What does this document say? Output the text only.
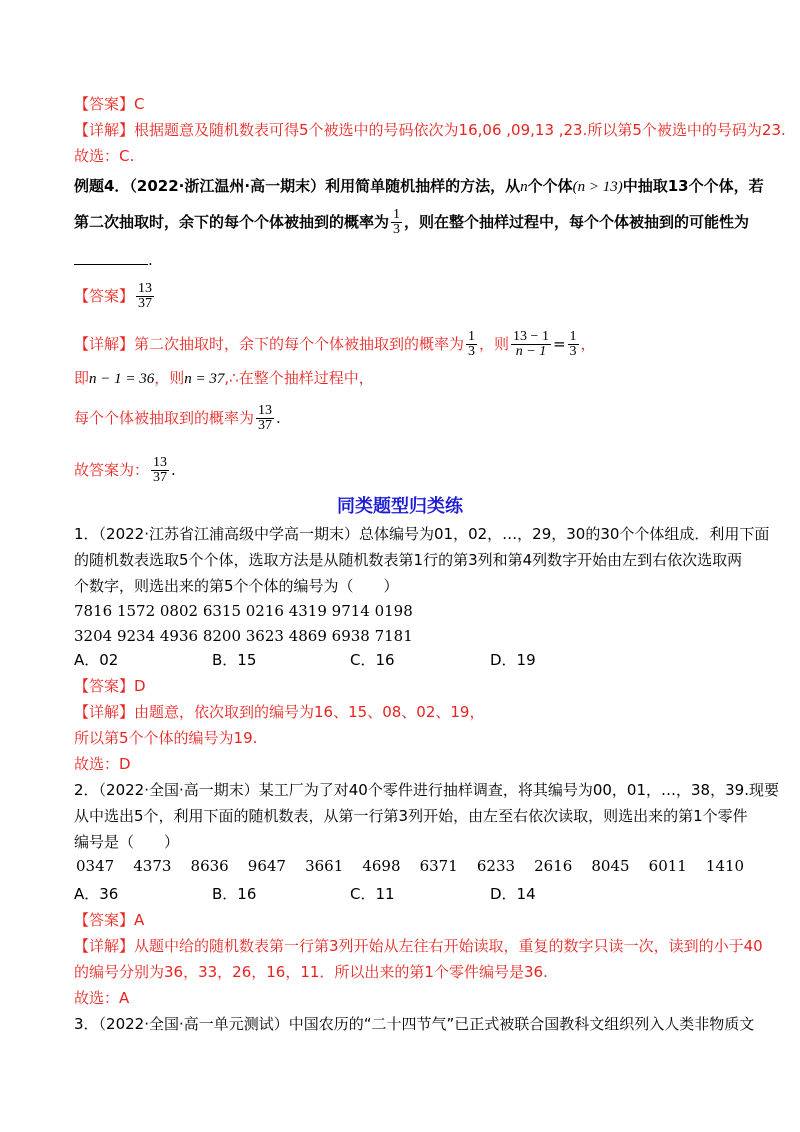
【答案】C
【详解】根据题意及随机数表可得5个被选中的号码依次为16,06 ,09,13 ,23.所以第5个被选中的号码为23.
故选：C.
例题4．（2022·浙江温州·高一期末）利用简单随机抽样的方法，从n个个体(n > 13)中抽取13个个体，若
第二次抽取时，余下的每个个体被抽到的概率为 $\frac{1}{3}$ ，则在整个抽样过程中，每个个体被抽到的可能性为
.
【答案】 $\frac{13}{37}$
【详解】第二次抽取时，余下的每个个体被抽取到的概率为 $\frac{1}{3}$ ，则 $\frac{13 - 1}{n - 1} = \frac{1}{3}$ ，
即n − 1 = 36，则n = 37,∴在整个抽样过程中，
每个个体被抽取到的概率为 $\frac{13}{37}$ .
故答案为： $\frac{13}{37}$ .
同类题型归类练
1．（2022·江苏省江浦高级中学高一期末）总体编号为01，02，…，29，30的30个个体组成．利用下面
的随机数表选取5个个体，选取方法是从随机数表第1行的第3列和第4列数字开始由左到右依次选取两
个数字，则选出来的第5个个体的编号为（　　）
7816 1572 0802 6315 0216 4319 9714 0198
3204 9234 4936 8200 3623 4869 6938 7181
A．02	B．15	C．16	D．19
【答案】D
【详解】由题意，依次取到的编号为16、15、08、02、19，
所以第5个个体的编号为19.
故选：D
2．（2022·全国·高一期末）某工厂为了对40个零件进行抽样调查，将其编号为00，01，…，38，39.现要
从中选出5个，利用下面的随机数表，从第一行第3列开始，由左至右依次读取，则选出来的第1个零件
编号是（　　）
0347 4373 8636 9647 3661 4698 6371 6233 2616 8045 6011 1410
A．36	B．16	C．11	D．14
【答案】A
【详解】从题中给的随机数表第一行第3列开始从左往右开始读取，重复的数字只读一次，读到的小于40
的编号分别为36，33，26，16，11．所以出来的第1个零件编号是36.
故选：A
3．（2022·全国·高一单元测试）中国农历的“二十四节气”已正式被联合国教科文组织列入人类非物质文
